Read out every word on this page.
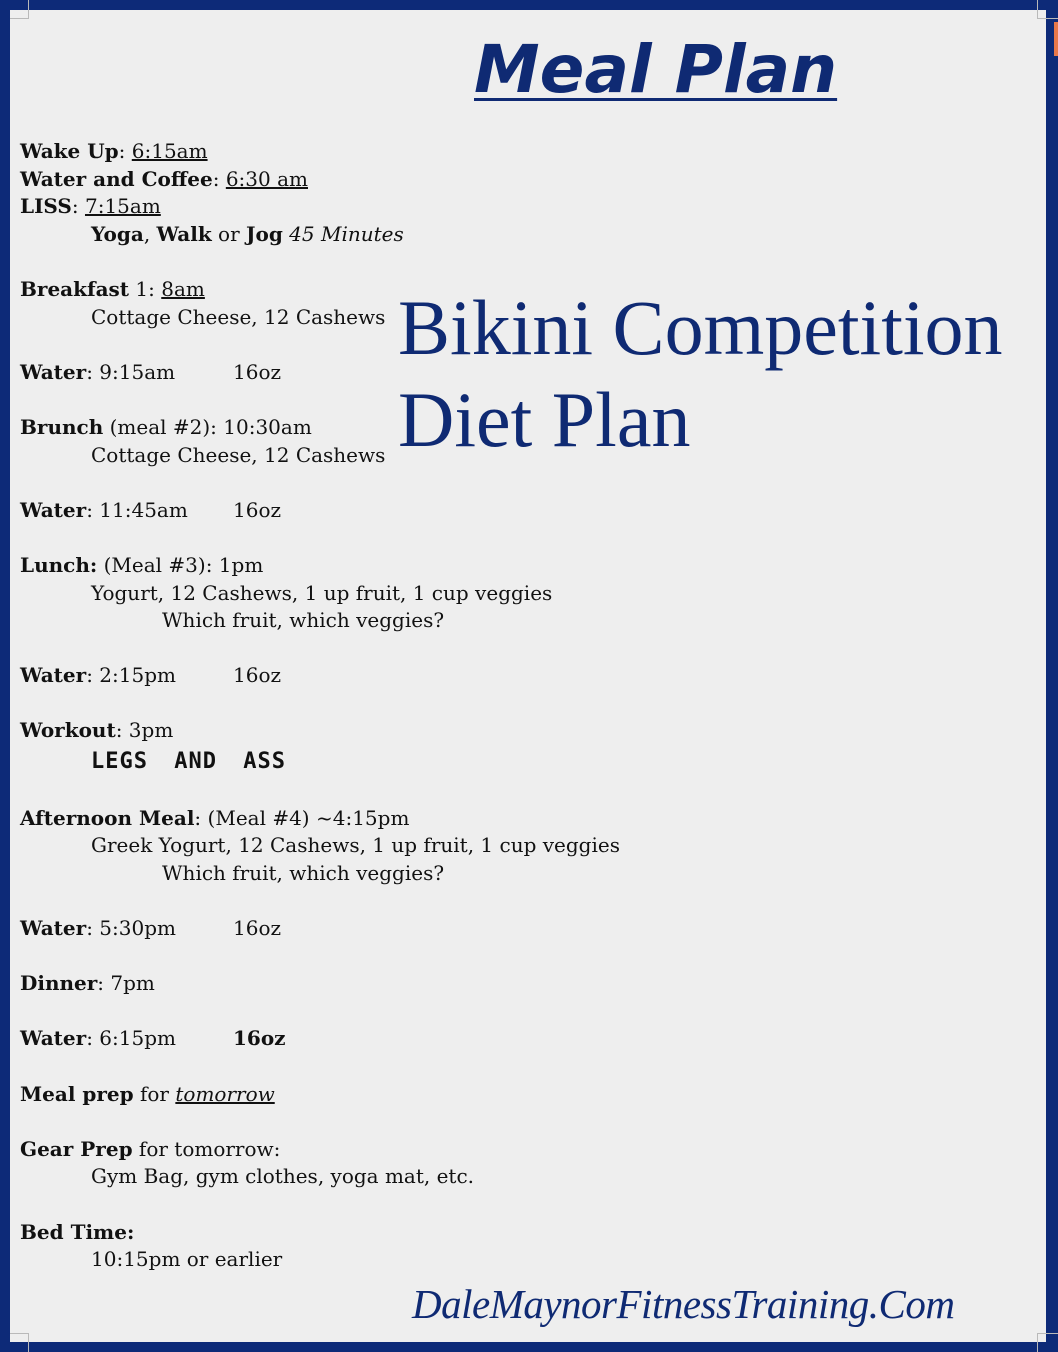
Meal Plan
Bikini Competition
Diet Plan
Wake Up: 6:15am
Water and Coffee: 6:30 am
LISS: 7:15am
Yoga, Walk or Jog 45 Minutes
Breakfast 1: 8am
Cottage Cheese, 12 Cashews
Water: 9:15am	16oz
Brunch (meal #2): 10:30am
Cottage Cheese, 12 Cashews
Water: 11:45am 16oz
Lunch: (Meal #3): 1pm
Yogurt, 12 Cashews, 1 up fruit, 1 cup veggies
Which fruit, which veggies?
Water: 2:15pm	16oz
Workout: 3pm
LEGS AND ASS
Afternoon Meal: (Meal #4) ~4:15pm
Greek Yogurt, 12 Cashews, 1 up fruit, 1 cup veggies
Which fruit, which veggies?
Water: 5:30pm	16oz
Dinner: 7pm
Water: 6:15pm	16oz
Meal prep for tomorrow
Gear Prep for tomorrow:
Gym Bag, gym clothes, yoga mat, etc.
Bed Time:
10:15pm or earlier
DaleMaynorFitnessTraining.Com
